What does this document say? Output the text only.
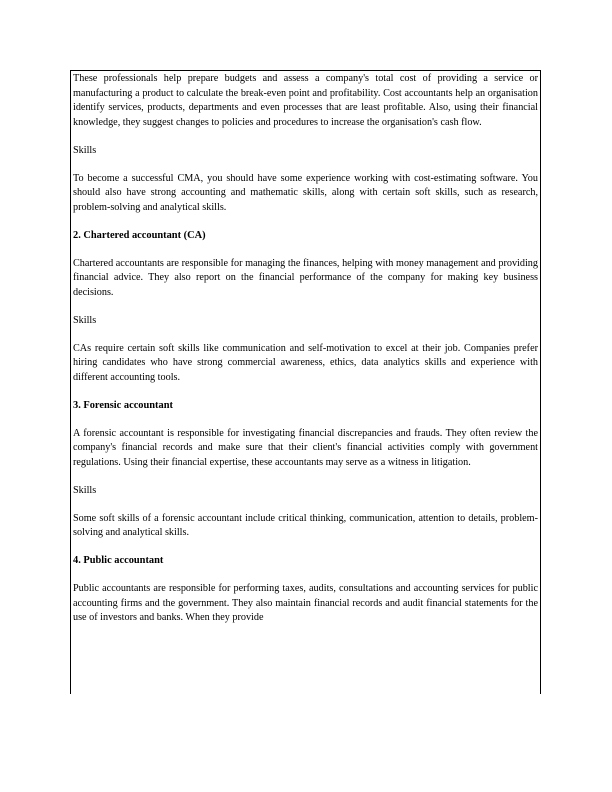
These professionals help prepare budgets and assess a company's total cost of providing a service or manufacturing a product to calculate the break-even point and profitability. Cost accountants help an organisation identify services, products, departments and even processes that are least profitable. Also, using their financial knowledge, they suggest changes to policies and procedures to increase the organisation's cash flow.

Skills

To become a successful CMA, you should have some experience working with cost-estimating software. You should also have strong accounting and mathematic skills, along with certain soft skills, such as research, problem-solving and analytical skills.

2. Chartered accountant (CA)

Chartered accountants are responsible for managing the finances, helping with money management and providing financial advice. They also report on the financial performance of the company for making key business decisions.

Skills

CAs require certain soft skills like communication and self-motivation to excel at their job. Companies prefer hiring candidates who have strong commercial awareness, ethics, data analytics skills and experience with different accounting tools.

3. Forensic accountant

A forensic accountant is responsible for investigating financial discrepancies and frauds. They often review the company's financial records and make sure that their client's financial activities comply with government regulations. Using their financial expertise, these accountants may serve as a witness in litigation.

Skills

Some soft skills of a forensic accountant include critical thinking, communication, attention to details, problem-solving and analytical skills.

4. Public accountant

Public accountants are responsible for performing taxes, audits, consultations and accounting services for public accounting firms and the government. They also maintain financial records and audit financial statements for the use of investors and banks. When they provide
